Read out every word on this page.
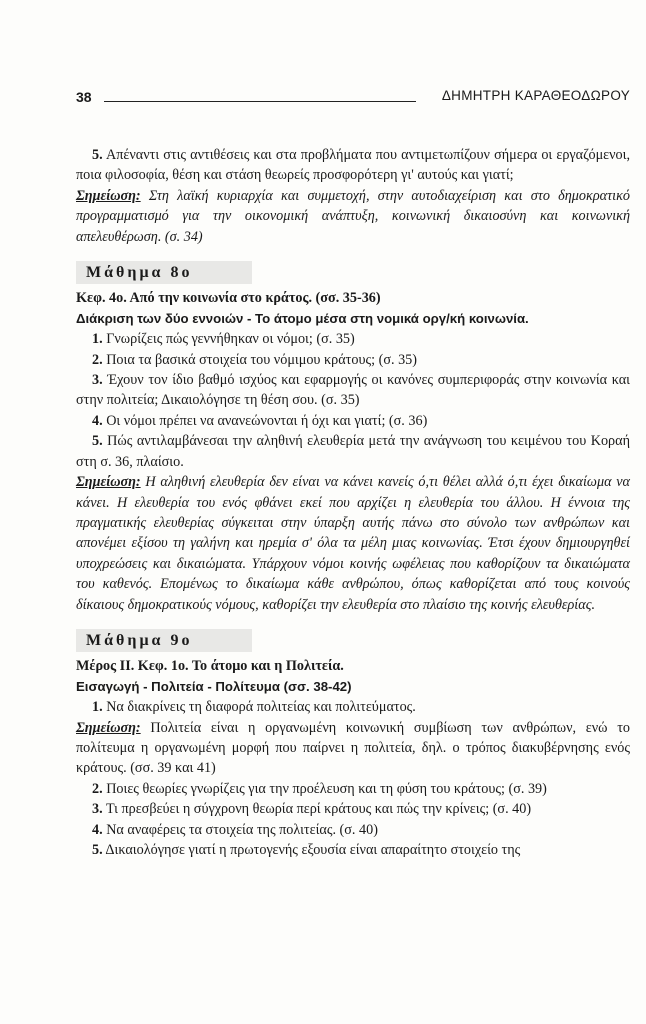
38	ΔΗΜΗΤΡΗ ΚΑΡΑΘΕΟΔΩΡΟΥ

5. Απέναντι στις αντιθέσεις και στα προβλήματα που αντιμετωπίζουν σήμερα οι εργαζόμενοι, ποια φιλοσοφία, θέση και στάση θεωρείς προσφορότερη γι' αυτούς και γιατί;

Σημείωση: Στη λαϊκή κυριαρχία και συμμετοχή, στην αυτοδιαχείριση και στο δημοκρατικό προγραμματισμό για την οικονομική ανάπτυξη, κοινωνική δικαιοσύνη και κοινωνική απελευθέρωση. (σ. 34)

Μάθημα 8ο

Κεφ. 4ο. Από την κοινωνία στο κράτος. (σσ. 35-36)

Διάκριση των δύο εννοιών - Το άτομο μέσα στη νομικά οργ/κή κοινωνία.

1. Γνωρίζεις πώς γεννήθηκαν οι νόμοι; (σ. 35)

2. Ποια τα βασικά στοιχεία του νόμιμου κράτους; (σ. 35)

3. Έχουν τον ίδιο βαθμό ισχύος και εφαρμογής οι κανόνες συμπεριφοράς στην κοινωνία και στην πολιτεία; Δικαιολόγησε τη θέση σου. (σ. 35)

4. Οι νόμοι πρέπει να ανανεώνονται ή όχι και γιατί; (σ. 36)

5. Πώς αντιλαμβάνεσαι την αληθινή ελευθερία μετά την ανάγνωση του κειμένου του Κοραή στη σ. 36, πλαίσιο.

Σημείωση: Η αληθινή ελευθερία δεν είναι να κάνει κανείς ό,τι θέλει αλλά ό,τι έχει δικαίωμα να κάνει. Η ελευθερία του ενός φθάνει εκεί που αρχίζει η ελευθερία του άλλου. Η έννοια της πραγματικής ελευθερίας σύγκειται στην ύπαρξη αυτής πάνω στο σύνολο των ανθρώπων και απονέμει εξίσου τη γαλήνη και ηρεμία σ' όλα τα μέλη μιας κοινωνίας. Έτσι έχουν δημιουργηθεί υποχρεώσεις και δικαιώματα. Υπάρχουν νόμοι κοινής ωφέλειας που καθορίζουν τα δικαιώματα του καθενός. Επομένως το δικαίωμα κάθε ανθρώπου, όπως καθορίζεται από τους κοινούς δίκαιους δημοκρατικούς νόμους, καθορίζει την ελευθερία στο πλαίσιο της κοινής ελευθερίας.

Μάθημα 9ο

Μέρος ΙΙ. Κεφ. 1ο. Το άτομο και η Πολιτεία.

Εισαγωγή - Πολιτεία - Πολίτευμα (σσ. 38-42)

1. Να διακρίνεις τη διαφορά πολιτείας και πολιτεύματος.

Σημείωση: Πολιτεία είναι η οργανωμένη κοινωνική συμβίωση των ανθρώπων, ενώ το πολίτευμα η οργανωμένη μορφή που παίρνει η πολιτεία, δηλ. ο τρόπος διακυβέρνησης ενός κράτους. (σσ. 39 και 41)

2. Ποιες θεωρίες γνωρίζεις για την προέλευση και τη φύση του κράτους; (σ. 39)

3. Τι πρεσβεύει η σύγχρονη θεωρία περί κράτους και πώς την κρίνεις; (σ. 40)

4. Να αναφέρεις τα στοιχεία της πολιτείας. (σ. 40)

5. Δικαιολόγησε γιατί η πρωτογενής εξουσία είναι απαραίτητο στοιχείο της
